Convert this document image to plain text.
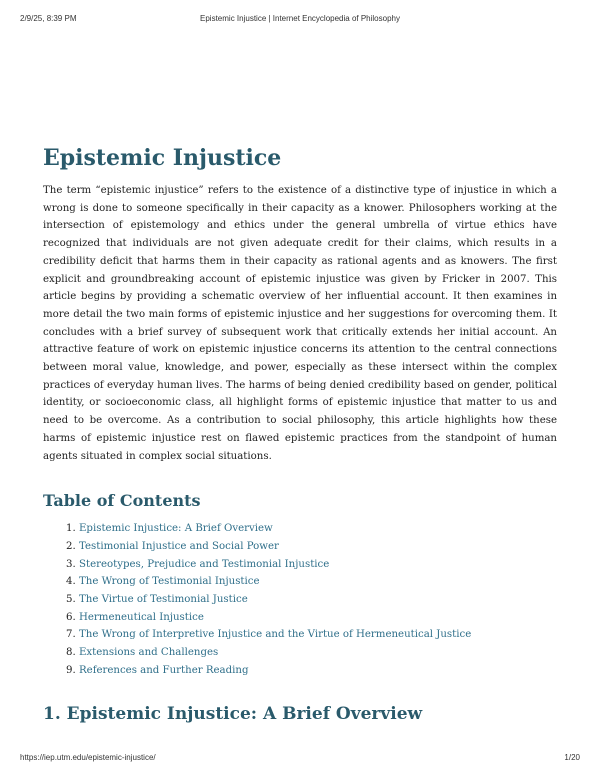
2/9/25, 8:39 PM	Epistemic Injustice | Internet Encyclopedia of Philosophy
Epistemic Injustice

The term “epistemic injustice” refers to the existence of a distinctive type of injustice in which a wrong is done to someone specifically in their capacity as a knower. Philosophers working at the intersection of epistemology and ethics under the general umbrella of virtue ethics have recognized that individuals are not given adequate credit for their claims, which results in a credibility deficit that harms them in their capacity as rational agents and as knowers. The first explicit and groundbreaking account of epistemic injustice was given by Fricker in 2007. This article begins by providing a schematic overview of her influential account. It then examines in more detail the two main forms of epistemic injustice and her suggestions for overcoming them. It concludes with a brief survey of subsequent work that critically extends her initial account. An attractive feature of work on epistemic injustice concerns its attention to the central connections between moral value, knowledge, and power, especially as these intersect within the complex practices of everyday human lives. The harms of being denied credibility based on gender, political identity, or socioeconomic class, all highlight forms of epistemic injustice that matter to us and need to be overcome. As a contribution to social philosophy, this article highlights how these harms of epistemic injustice rest on flawed epistemic practices from the standpoint of human agents situated in complex social situations.

Table of Contents
1. Epistemic Injustice: A Brief Overview
2. Testimonial Injustice and Social Power
3. Stereotypes, Prejudice and Testimonial Injustice
4. The Wrong of Testimonial Injustice
5. The Virtue of Testimonial Justice
6. Hermeneutical Injustice
7. The Wrong of Interpretive Injustice and the Virtue of Hermeneutical Justice
8. Extensions and Challenges
9. References and Further Reading
1. Epistemic Injustice: A Brief Overview
https://iep.utm.edu/epistemic-injustice/	1/20
